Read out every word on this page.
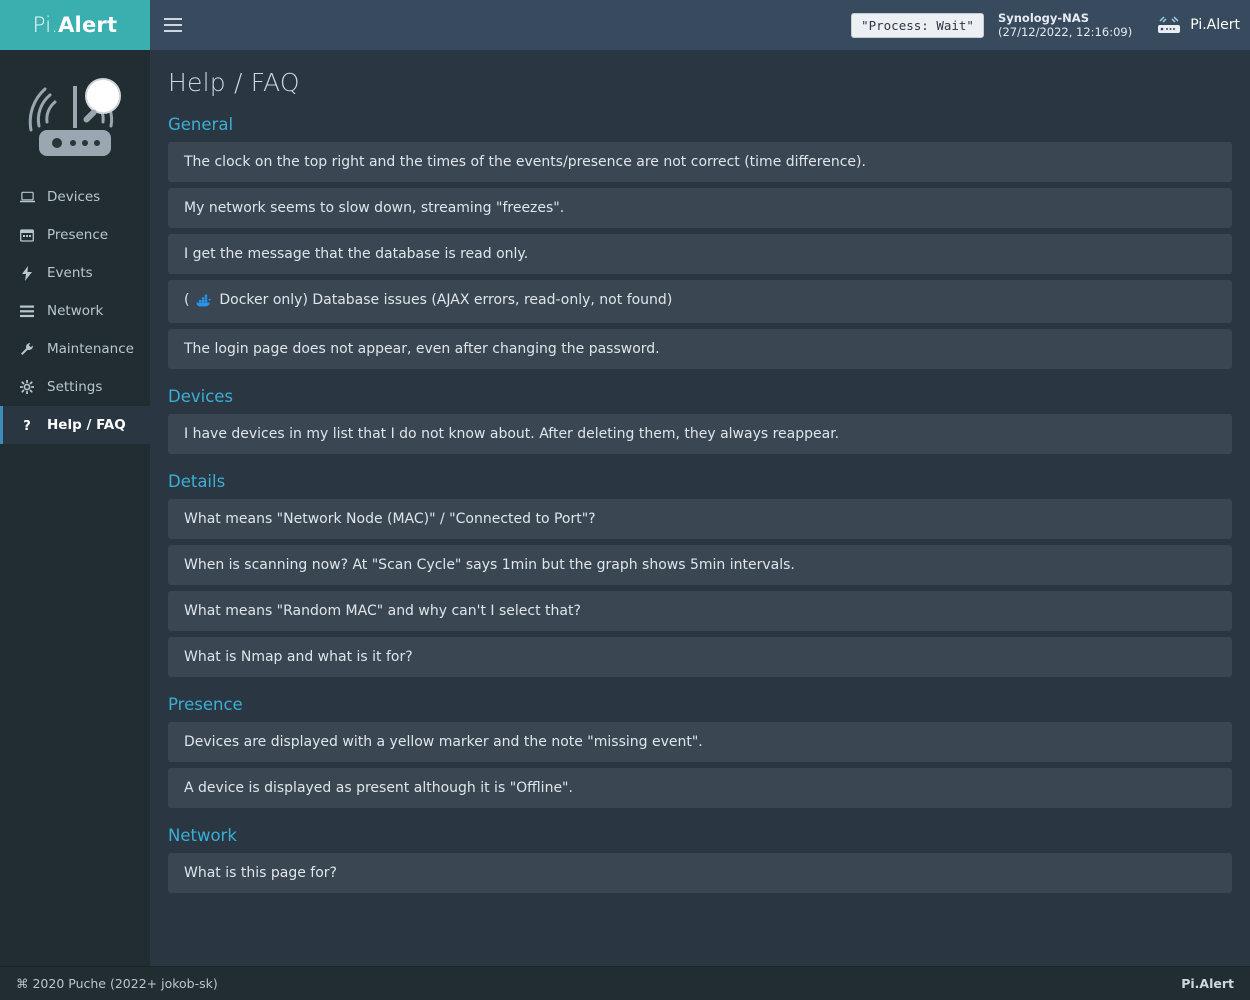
Pi. Alert	"Process: Wait"	Synology-NAS
(27/12/2022, 12:16:09)	Pi.Alert
Devices
Presence
Events
Network
Maintenance
Settings
? Help / FAQ
Help / FAQ
General
The clock on the top right and the times of the events/presence are not correct (time difference).
My network seems to slow down, streaming "freezes".
I get the message that the database is read only.
( Docker only) Database issues (AJAX errors, read-only, not found)
The login page does not appear, even after changing the password.
Devices
I have devices in my list that I do not know about. After deleting them, they always reappear.
Details
What means "Network Node (MAC)" / "Connected to Port"?
When is scanning now? At "Scan Cycle" says 1min but the graph shows 5min intervals.
What means "Random MAC" and why can't I select that?
What is Nmap and what is it for?
Presence
Devices are displayed with a yellow marker and the note "missing event".
A device is displayed as present although it is "Offline".
Network
What is this page for?
⌘ 2020 Puche (2022+ jokob-sk)	Pi.Alert
